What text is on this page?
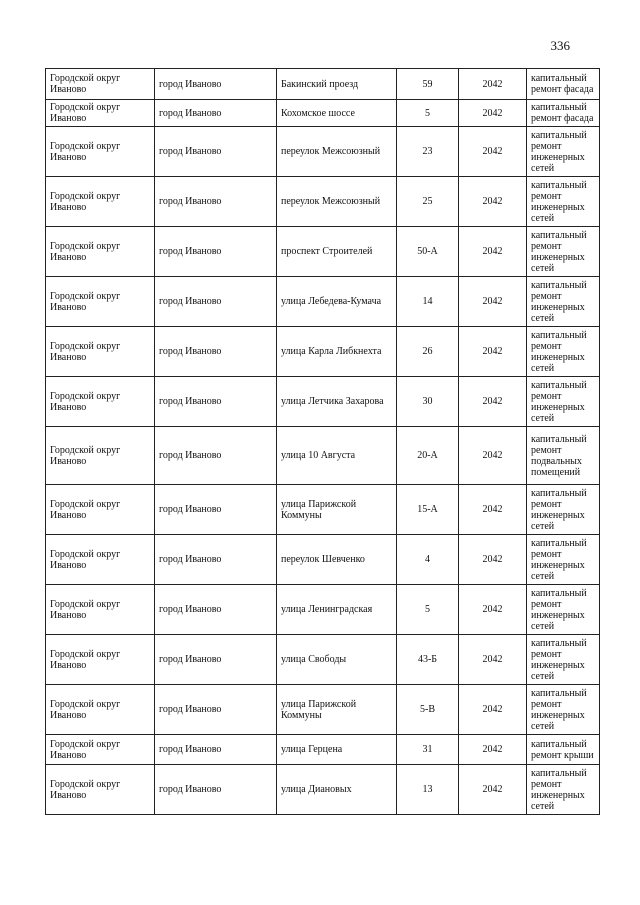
336
Городской округ Иваново	город Иваново	Бакинский проезд	59	2042	капитальный ремонт фасада
Городской округ Иваново	город Иваново	Кохомское шоссе	5	2042	капитальный ремонт фасада
Городской округ Иваново	город Иваново	переулок Межсоюзный	23	2042	капитальный ремонт инженерных сетей
Городской округ Иваново	город Иваново	переулок Межсоюзный	25	2042	капитальный ремонт инженерных сетей
Городской округ Иваново	город Иваново	проспект Строителей	50-А	2042	капитальный ремонт инженерных сетей
Городской округ Иваново	город Иваново	улица Лебедева-Кумача	14	2042	капитальный ремонт инженерных сетей
Городской округ Иваново	город Иваново	улица Карла Либкнехта	26	2042	капитальный ремонт инженерных сетей
Городской округ Иваново	город Иваново	улица Летчика Захарова	30	2042	капитальный ремонт инженерных сетей
Городской округ Иваново	город Иваново	улица 10 Августа	20-А	2042	капитальный ремонт подвальных помещений
Городской округ Иваново	город Иваново	улица Парижской Коммуны	15-А	2042	капитальный ремонт инженерных сетей
Городской округ Иваново	город Иваново	переулок Шевченко	4	2042	капитальный ремонт инженерных сетей
Городской округ Иваново	город Иваново	улица Ленинградская	5	2042	капитальный ремонт инженерных сетей
Городской округ Иваново	город Иваново	улица Свободы	43-Б	2042	капитальный ремонт инженерных сетей
Городской округ Иваново	город Иваново	улица Парижской Коммуны	5-В	2042	капитальный ремонт инженерных сетей
Городской округ Иваново	город Иваново	улица Герцена	31	2042	капитальный ремонт крыши
Городской округ Иваново	город Иваново	улица Диановых	13	2042	капитальный ремонт инженерных сетей
